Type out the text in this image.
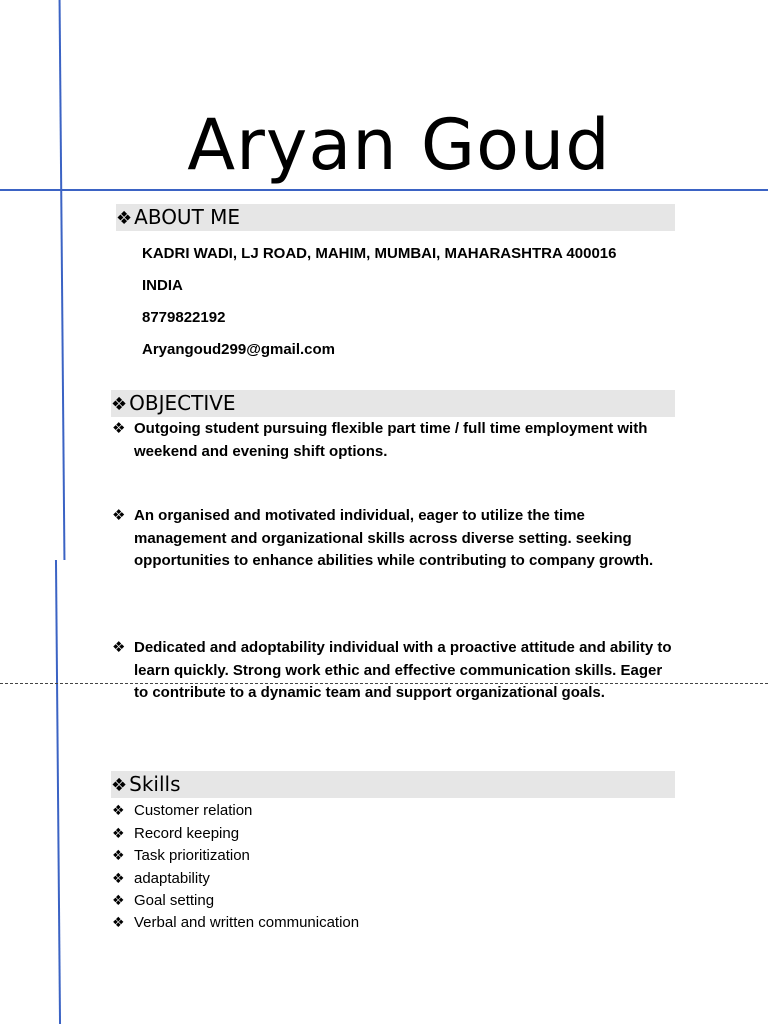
Aryan Goud
❖ ABOUT ME
KADRI WADI, LJ ROAD, MAHIM, MUMBAI, MAHARASHTRA 400016
INDIA
8779822192
Aryangoud299@gmail.com
❖ OBJECTIVE
❖ Outgoing student pursuing flexible part time / full time employment with weekend and evening shift options.
❖ An organised and motivated individual, eager to utilize the time management and organizational skills across diverse setting. seeking opportunities to enhance abilities while contributing to company growth.
❖ Dedicated and adoptability individual with a proactive attitude and ability to learn quickly. Strong work ethic and effective communication skills. Eager to contribute to a dynamic team and support organizational goals.
❖ Skills
❖ Customer relation
❖ Record keeping
❖ Task prioritization
❖ adaptability
❖ Goal setting
❖ Verbal and written communication
